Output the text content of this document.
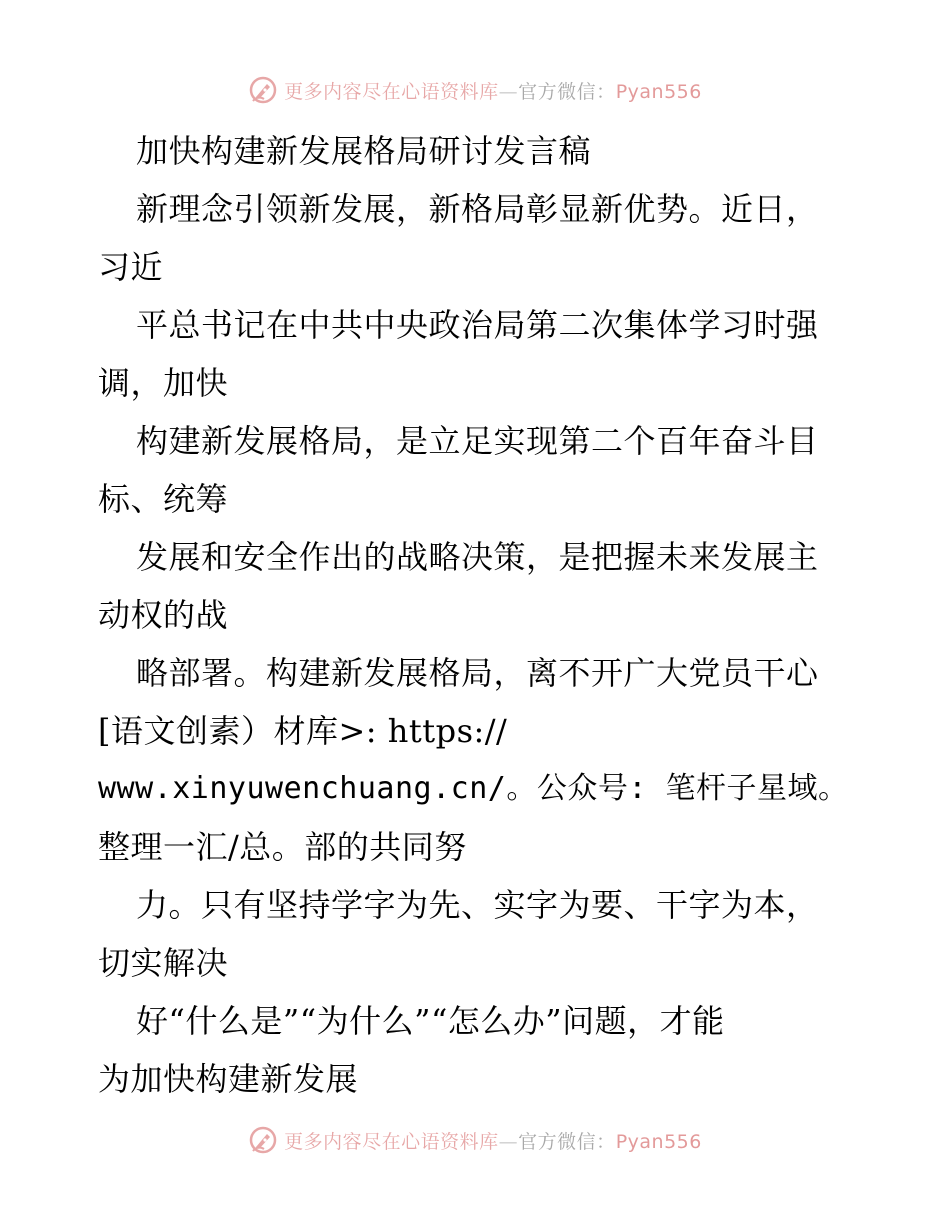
更多内容尽在心语资料库—官方微信：Pyan556
加快构建新发展格局研讨发言稿
新理念引领新发展，新格局彰显新优势。近日，
习近
平总书记在中共中央政治局第二次集体学习时强
调，加快
构建新发展格局，是立足实现第二个百年奋斗目
标、统筹
发展和安全作出的战略决策，是把握未来发展主
动权的战
略部署。构建新发展格局，离不开广大党员干心
[语文创素）材库>: https://
www.xinyuwenchuang.cn/。公众号: 笔杆子星域。
整理一汇/总。部的共同努
力。只有坚持学字为先、实字为要、干字为本，
切实解决
好“什么是”“为什么”“怎么办”问题，才能
为加快构建新发展
更多内容尽在心语资料库—官方微信：Pyan556
